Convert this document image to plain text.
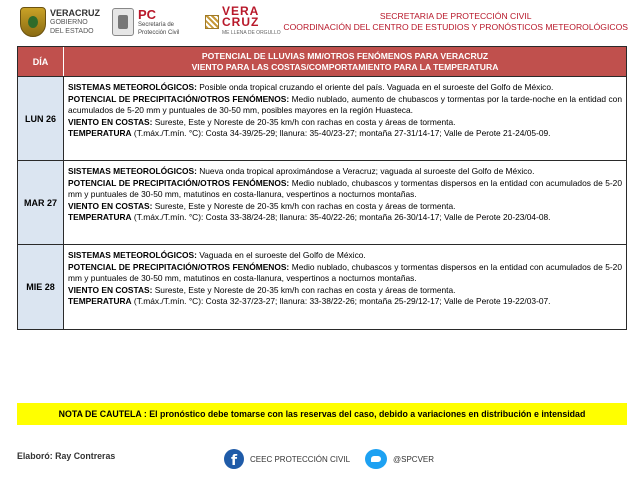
VERACRUZ
GOBIERNO
DEL ESTADO
PC
Secretaría de
Protección Civil
VERA
CRUZ
ME LLENA DE ORGULLO
SECRETARIA DE PROTECCIÓN CIVIL
COORDINACIÓN DEL CENTRO DE ESTUDIOS Y PRONÓSTICOS METEOROLÓGICOS
DÍA
POTENCIAL DE LLUVIAS MM/OTROS FENÓMENOS PARA VERACRUZ
VIENTO PARA LAS COSTAS/COMPORTAMIENTO PARA LA TEMPERATURA
LUN 26
SISTEMAS METEOROLÓGICOS: Posible onda tropical cruzando el oriente del país. Vaguada en el suroeste del Golfo de México.
POTENCIAL DE PRECIPITACIÓN/OTROS FENÓMENOS: Medio nublado, aumento de chubascos y tormentas por la tarde-noche en la entidad con acumulados de 5-20 mm y puntuales de 30-50 mm, posibles mayores en la región Huasteca.
VIENTO EN COSTAS: Sureste, Este y Noreste de 20-35 km/h con rachas en costa y áreas de tormenta.
TEMPERATURA (T.máx./T.mín. °C): Costa 34-39/25-29; llanura: 35-40/23-27; montaña 27-31/14-17; Valle de Perote 21-24/05-09.
MAR 27
SISTEMAS METEOROLÓGICOS: Nueva onda tropical aproximándose a Veracruz; vaguada al suroeste del Golfo de México.
POTENCIAL DE PRECIPITACIÓN/OTROS FENÓMENOS: Medio nublado, chubascos y tormentas dispersos en la entidad con acumulados de 5-20 mm y puntuales de 30-50 mm, matutinos en costa-llanura, vespertinos a nocturnos montañas.
VIENTO EN COSTAS: Sureste, Este y Noreste de 20-35 km/h con rachas en costa y áreas de tormenta.
TEMPERATURA (T.máx./T.mín. °C): Costa 33-38/24-28; llanura: 35-40/22-26; montaña 26-30/14-17; Valle de Perote 20-23/04-08.
MIE 28
SISTEMAS METEOROLÓGICOS: Vaguada en el suroeste del Golfo de México.
POTENCIAL DE PRECIPITACIÓN/OTROS FENÓMENOS: Medio nublado, chubascos y tormentas dispersos en la entidad con acumulados de 5-20 mm y puntuales de 30-50 mm, matutinos en costa-llanura, vespertinos a nocturnos montañas.
VIENTO EN COSTAS: Sureste, Este y Noreste de 20-35 km/h con rachas en costa y áreas de tormenta.
TEMPERATURA (T.máx./T.mín. °C): Costa 32-37/23-27; llanura: 33-38/22-26; montaña 25-29/12-17; Valle de Perote 19-22/03-07.
NOTA DE CAUTELA : El pronóstico debe tomarse con las reservas del caso, debido a variaciones en distribución e intensidad
Elaboró: Ray Contreras	f	CEEC PROTECCIÓN CIVIL	@SPCVER
